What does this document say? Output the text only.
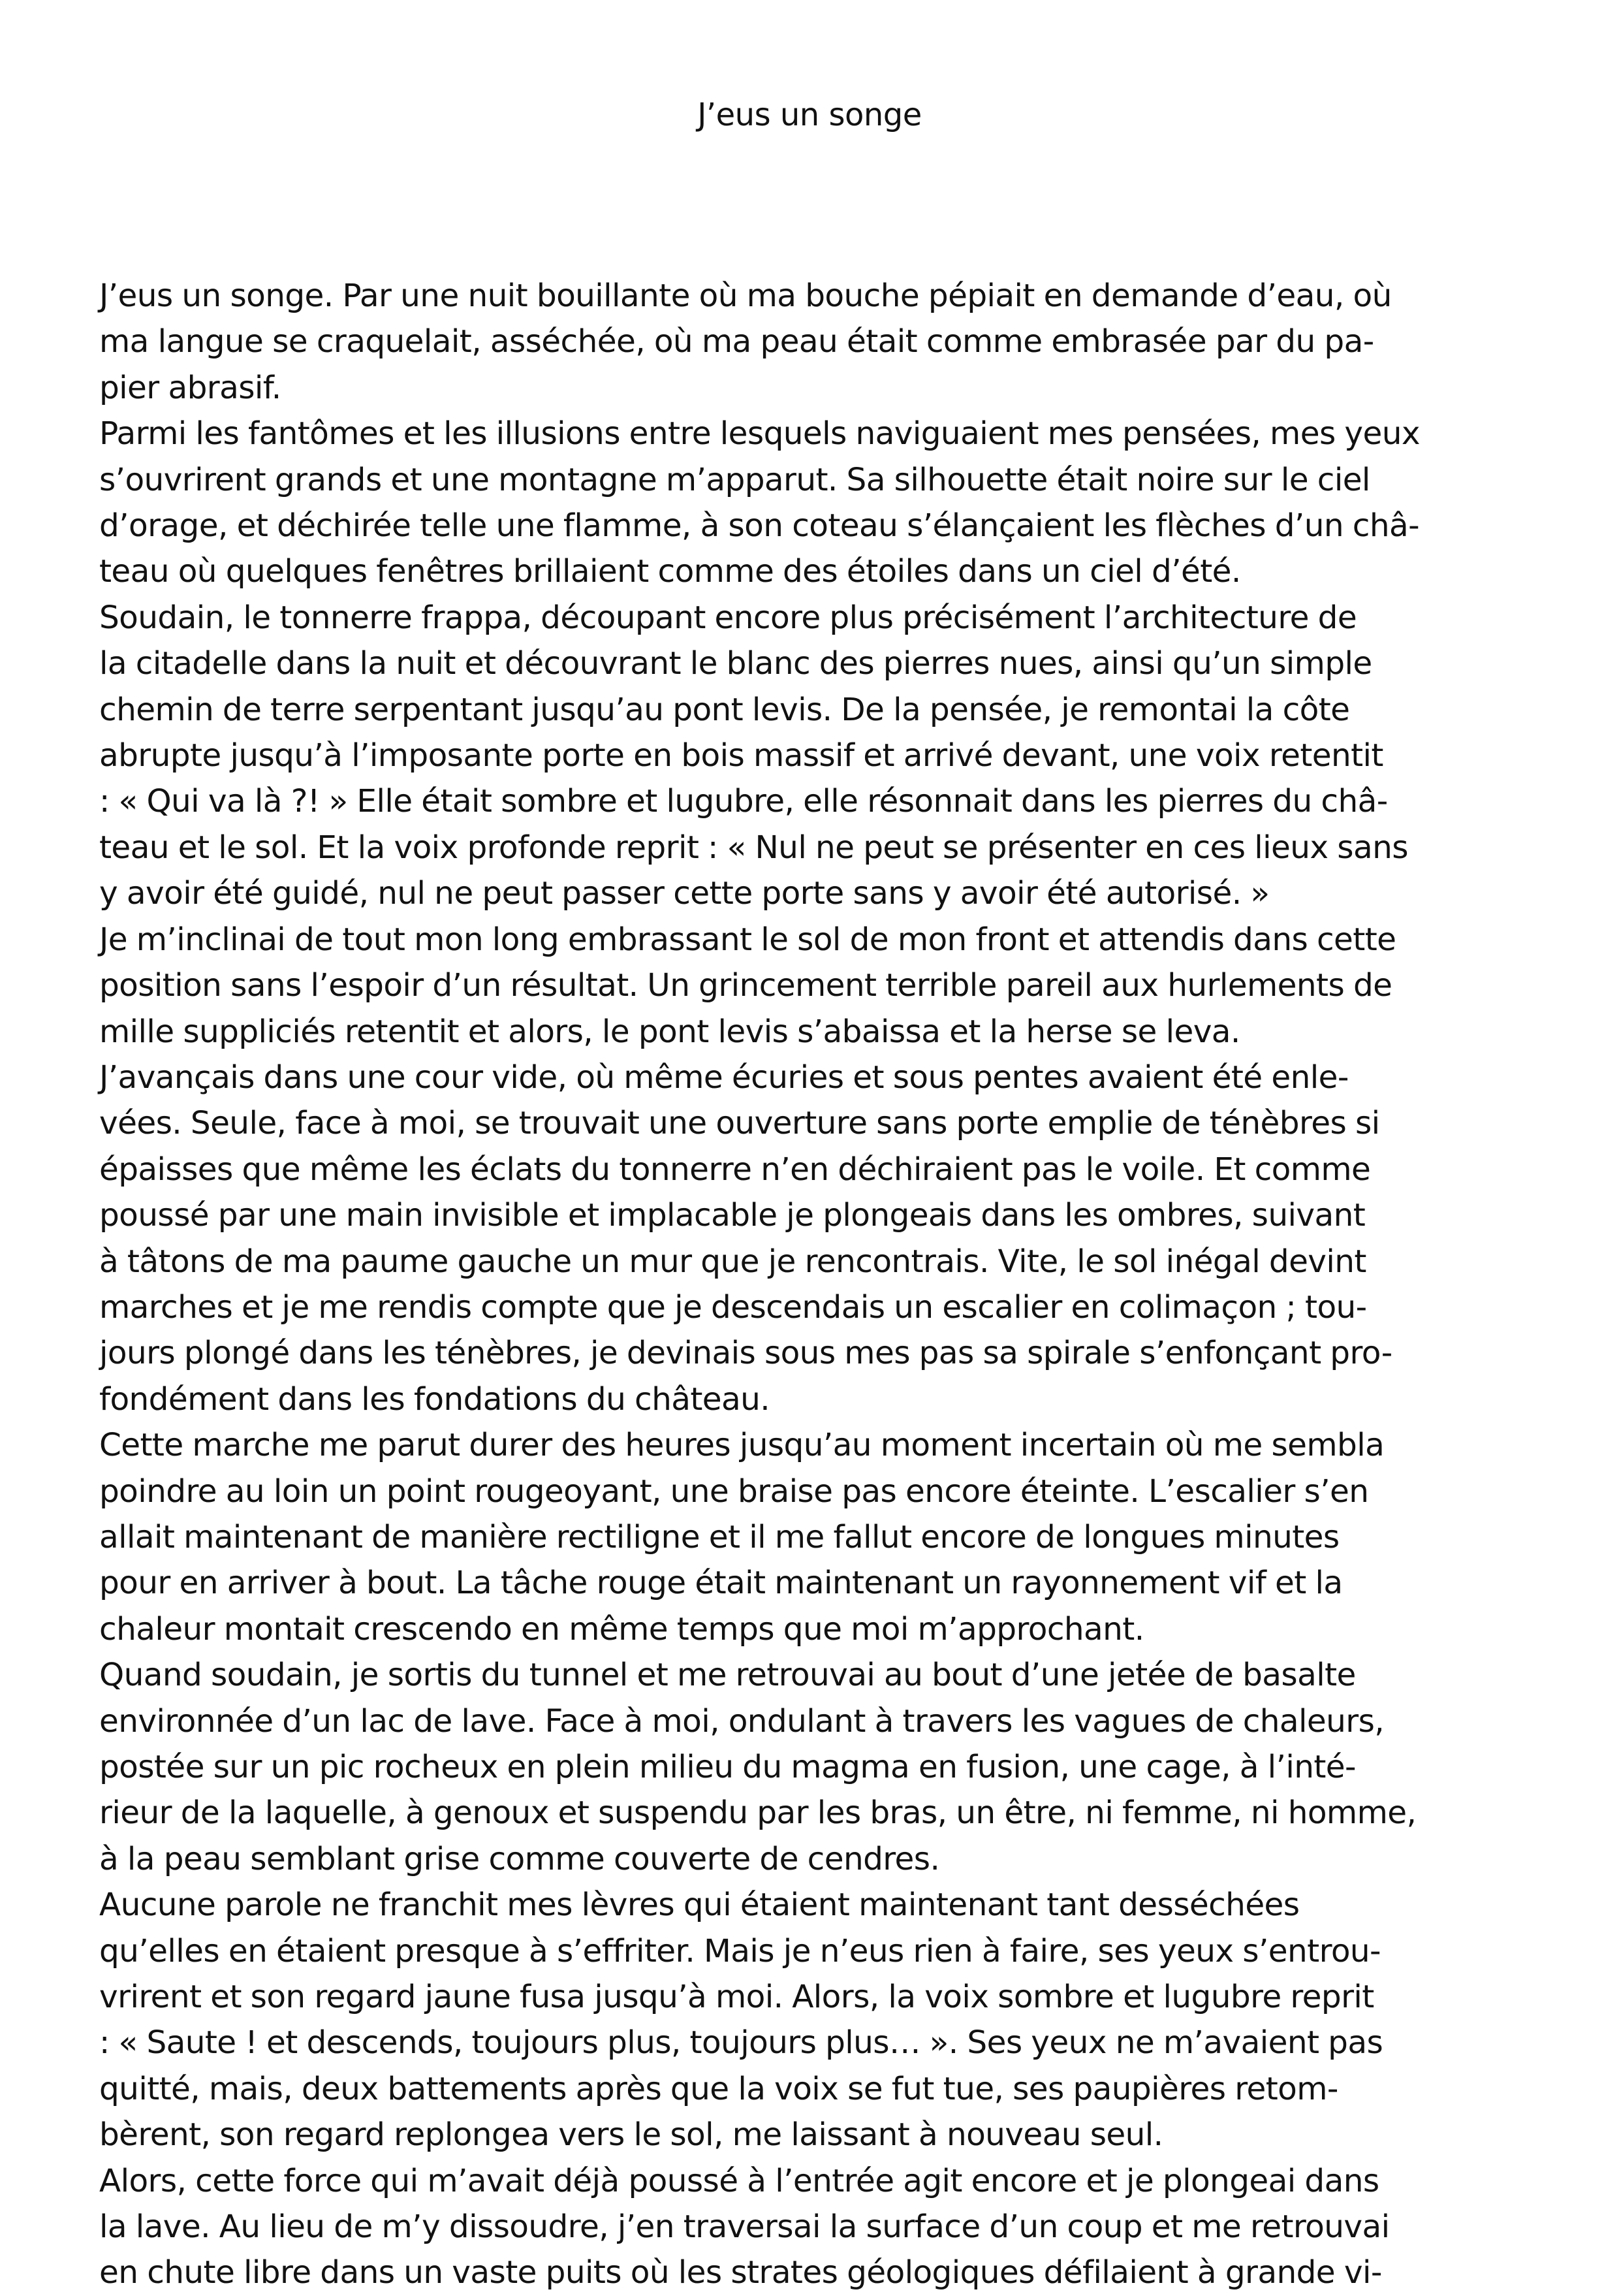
J’eus un songe
J’eus un songe. Par une nuit bouillante où ma bouche pépiait en demande d’eau, où
ma langue se craquelait, asséchée, où ma peau était comme embrasée par du pa-
pier abrasif.
Parmi les fantômes et les illusions entre lesquels naviguaient mes pensées, mes yeux
s’ouvrirent grands et une montagne m’apparut. Sa silhouette était noire sur le ciel
d’orage, et déchirée telle une flamme, à son coteau s’élançaient les flèches d’un châ-
teau où quelques fenêtres brillaient comme des étoiles dans un ciel d’été.
Soudain, le tonnerre frappa, découpant encore plus précisément l’architecture de
la citadelle dans la nuit et découvrant le blanc des pierres nues, ainsi qu’un simple
chemin de terre serpentant jusqu’au pont levis. De la pensée, je remontai la côte
abrupte jusqu’à l’imposante porte en bois massif et arrivé devant, une voix retentit
: « Qui va là ?! » Elle était sombre et lugubre, elle résonnait dans les pierres du châ-
teau et le sol. Et la voix profonde reprit : « Nul ne peut se présenter en ces lieux sans
y avoir été guidé, nul ne peut passer cette porte sans y avoir été autorisé. »
Je m’inclinai de tout mon long embrassant le sol de mon front et attendis dans cette
position sans l’espoir d’un résultat. Un grincement terrible pareil aux hurlements de
mille suppliciés retentit et alors, le pont levis s’abaissa et la herse se leva.
J’avançais dans une cour vide, où même écuries et sous pentes avaient été enle-
vées. Seule, face à moi, se trouvait une ouverture sans porte emplie de ténèbres si
épaisses que même les éclats du tonnerre n’en déchiraient pas le voile. Et comme
poussé par une main invisible et implacable je plongeais dans les ombres, suivant
à tâtons de ma paume gauche un mur que je rencontrais. Vite, le sol inégal devint
marches et je me rendis compte que je descendais un escalier en colimaçon ; tou-
jours plongé dans les ténèbres, je devinais sous mes pas sa spirale s’enfonçant pro-
fondément dans les fondations du château.
Cette marche me parut durer des heures jusqu’au moment incertain où me sembla
poindre au loin un point rougeoyant, une braise pas encore éteinte. L’escalier s’en
allait maintenant de manière rectiligne et il me fallut encore de longues minutes
pour en arriver à bout. La tâche rouge était maintenant un rayonnement vif et la
chaleur montait crescendo en même temps que moi m’approchant.
Quand soudain, je sortis du tunnel et me retrouvai au bout d’une jetée de basalte
environnée d’un lac de lave. Face à moi, ondulant à travers les vagues de chaleurs,
postée sur un pic rocheux en plein milieu du magma en fusion, une cage, à l’inté-
rieur de la laquelle, à genoux et suspendu par les bras, un être, ni femme, ni homme,
à la peau semblant grise comme couverte de cendres.
Aucune parole ne franchit mes lèvres qui étaient maintenant tant desséchées
qu’elles en étaient presque à s’effriter. Mais je n’eus rien à faire, ses yeux s’entrou-
vrirent et son regard jaune fusa jusqu’à moi. Alors, la voix sombre et lugubre reprit
: « Saute ! et descends, toujours plus, toujours plus… ». Ses yeux ne m’avaient pas
quitté, mais, deux battements après que la voix se fut tue, ses paupières retom-
bèrent, son regard replongea vers le sol, me laissant à nouveau seul.
Alors, cette force qui m’avait déjà poussé à l’entrée agit encore et je plongeai dans
la lave. Au lieu de m’y dissoudre, j’en traversai la surface d’un coup et me retrouvai
en chute libre dans un vaste puits où les strates géologiques défilaient à grande vi-
